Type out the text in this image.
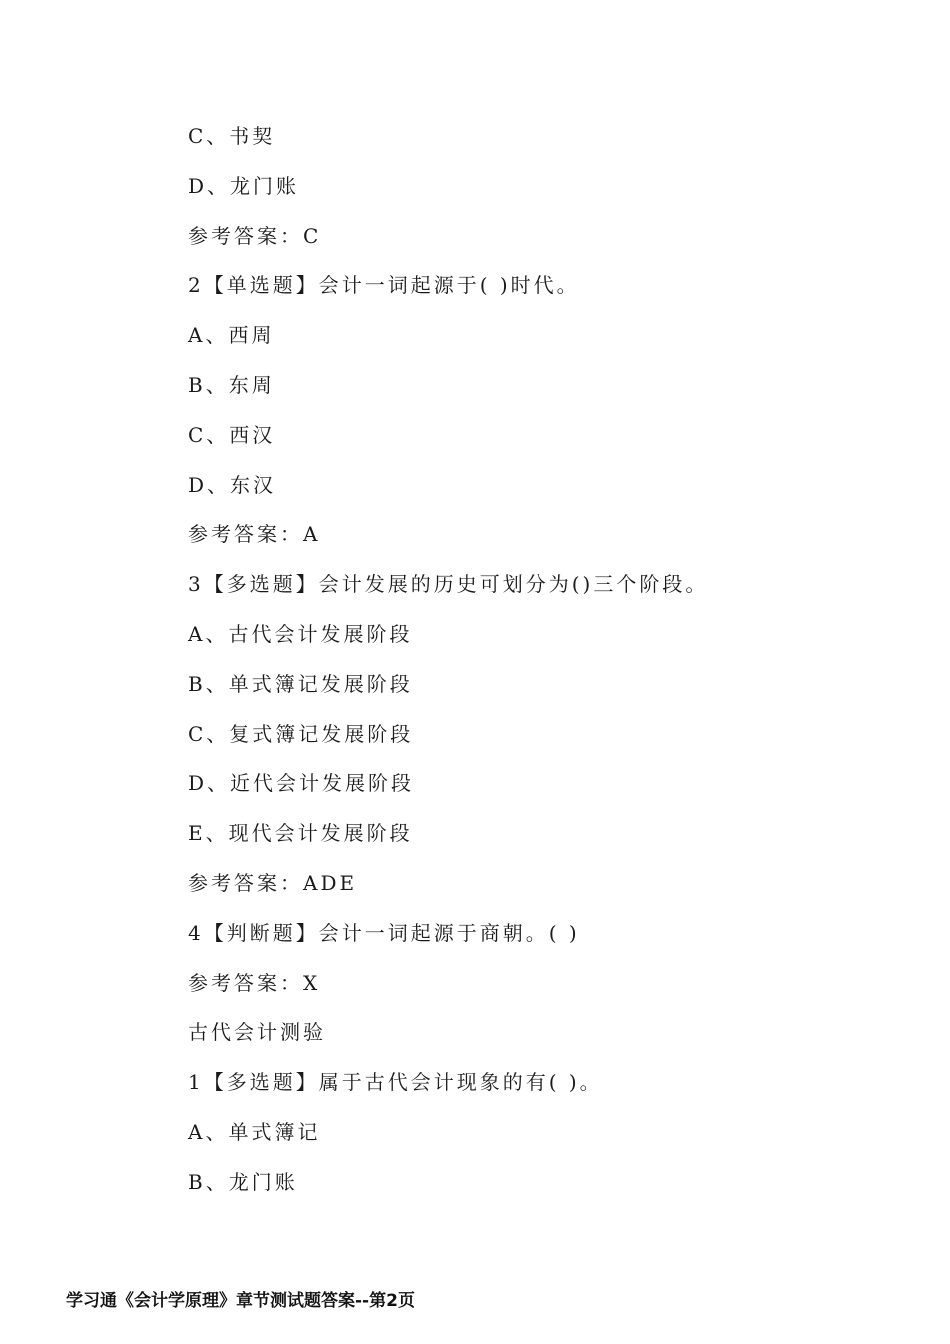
C、书契
D、龙门账
参考答案：C
2【单选题】会计一词起源于( )时代。
A、西周
B、东周
C、西汉
D、东汉
参考答案：A
3【多选题】会计发展的历史可划分为()三个阶段。
A、古代会计发展阶段
B、单式簿记发展阶段
C、复式簿记发展阶段
D、近代会计发展阶段
E、现代会计发展阶段
参考答案：ADE
4【判断题】会计一词起源于商朝。( )
参考答案：X
古代会计测验
1【多选题】属于古代会计现象的有( )。
A、单式簿记
B、龙门账
学习通《会计学原理》章节测试题答案--第2页
